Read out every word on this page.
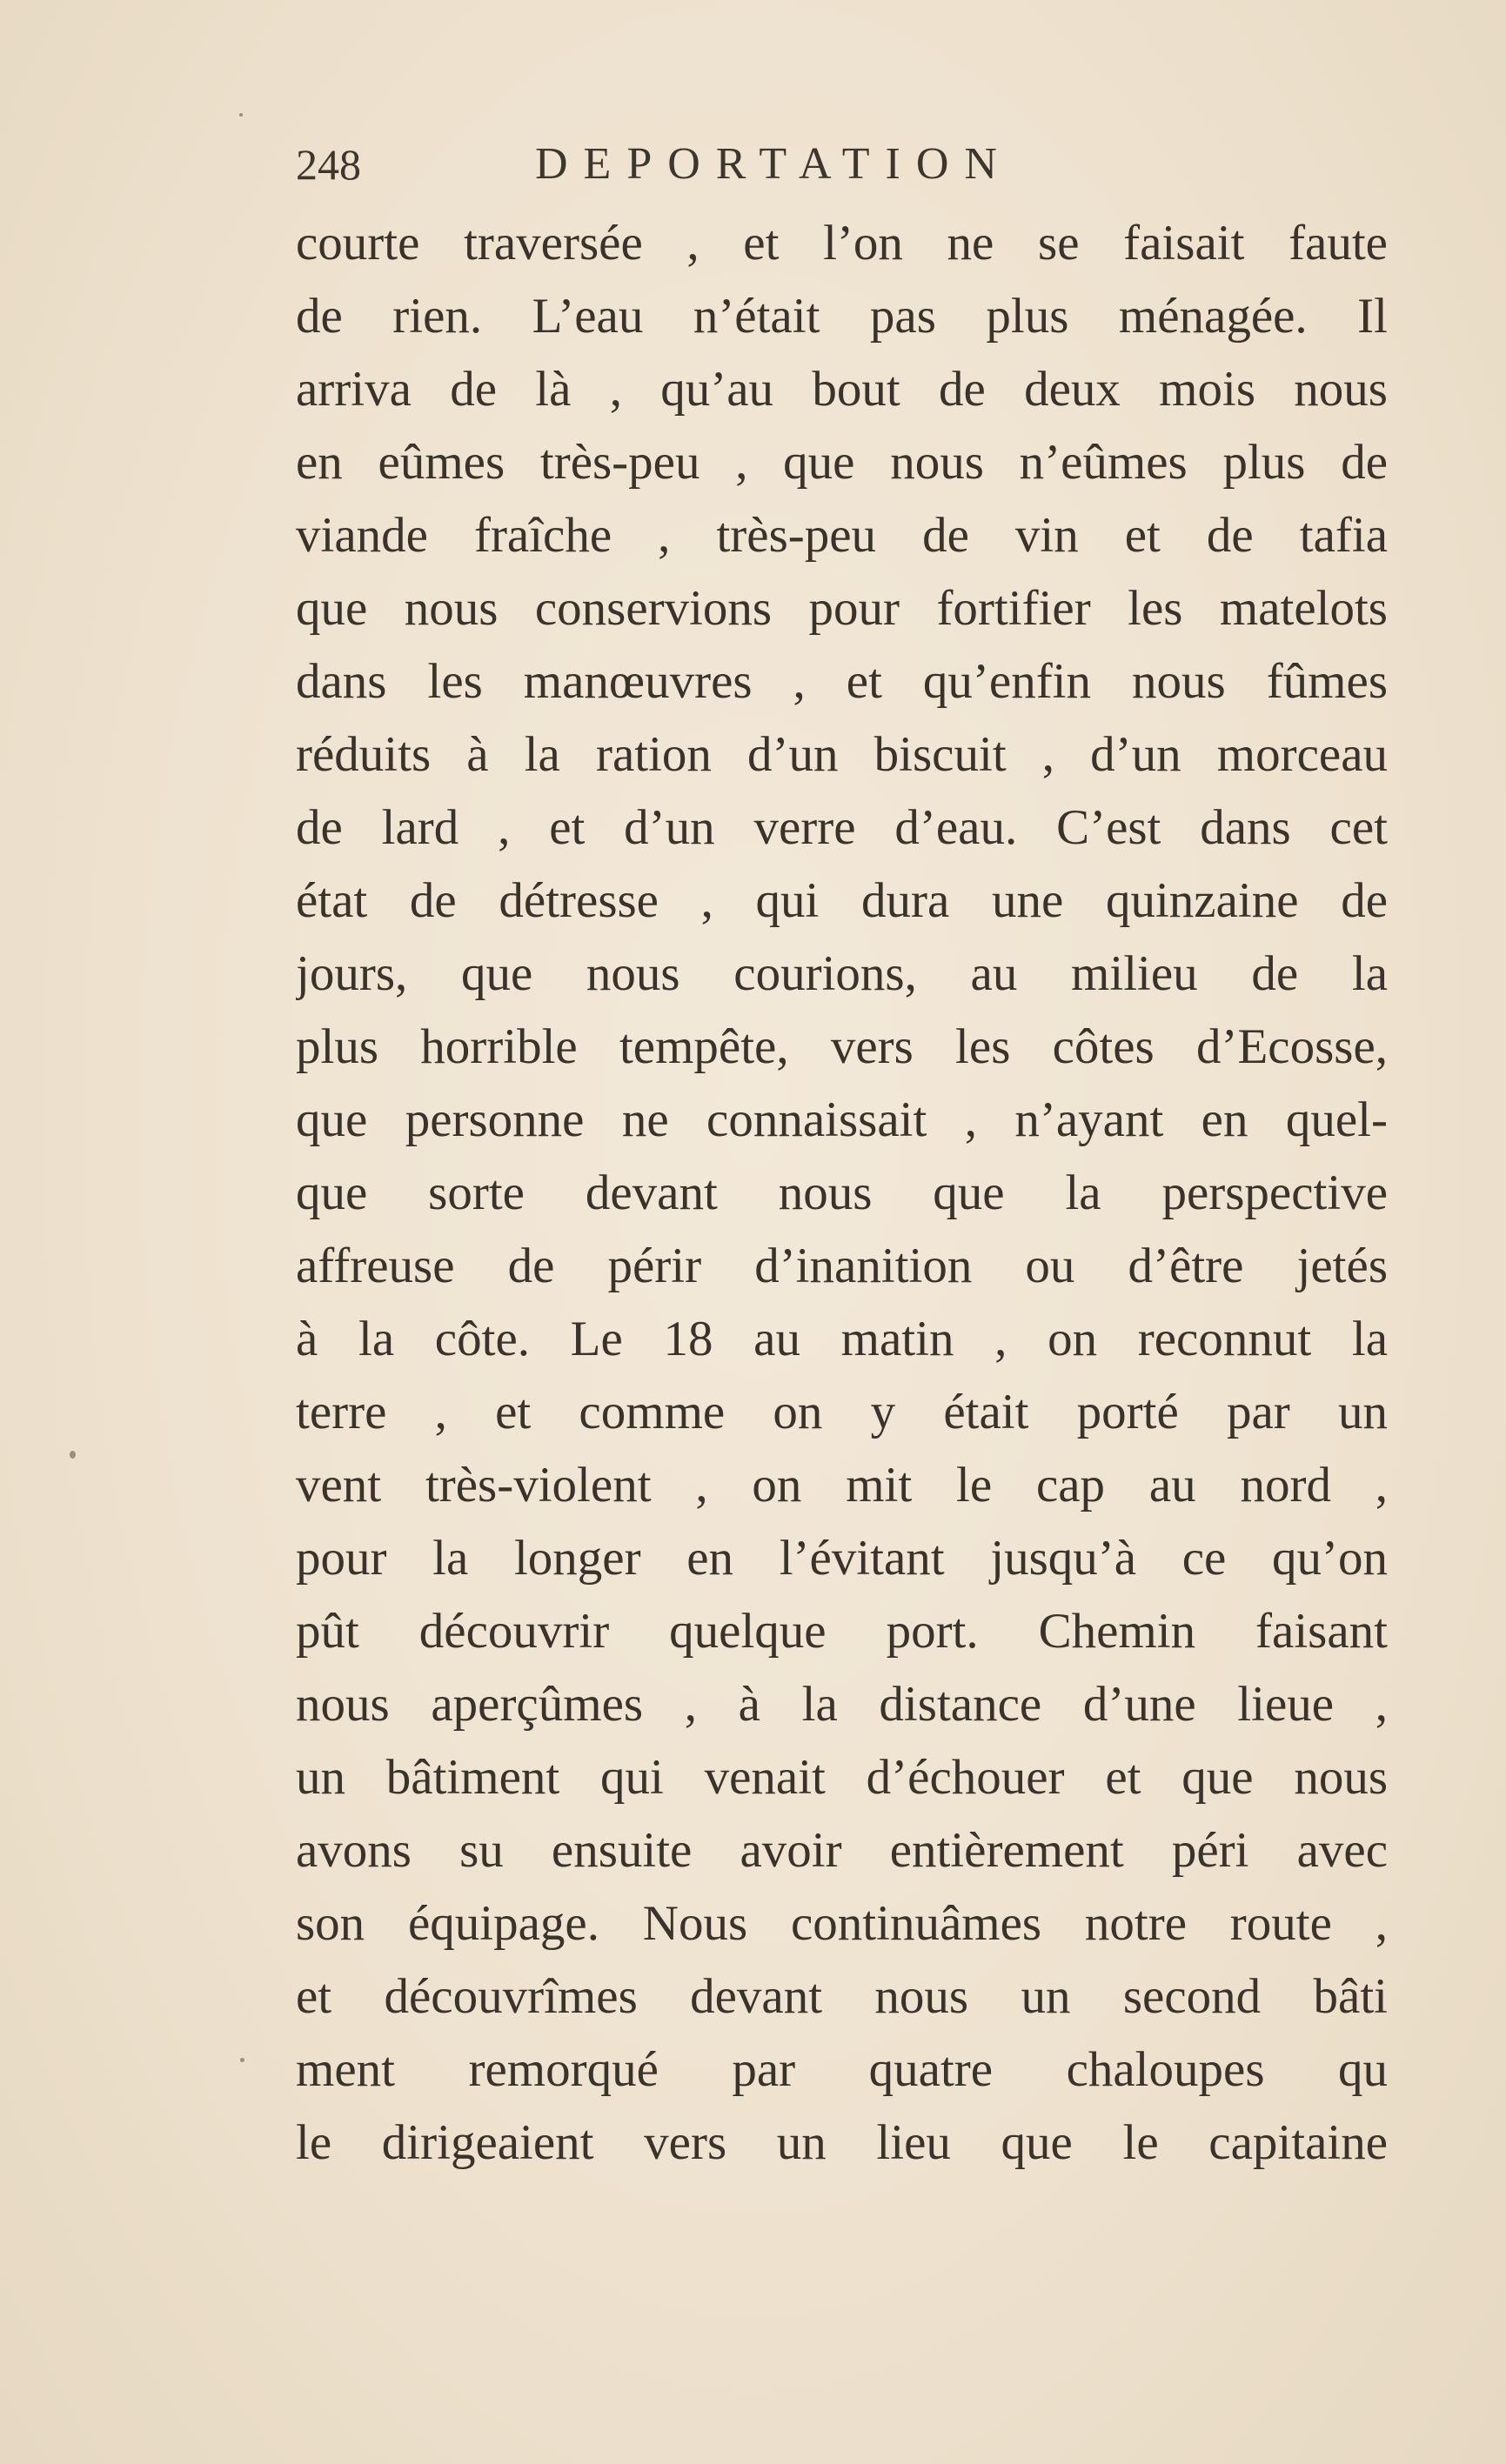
248	DEPORTATION
courte traversée , et l’on ne se faisait faute
de rien. L’eau n’était pas plus ménagée. Il
arriva de là , qu’au bout de deux mois nous
en eûmes très-peu , que nous n’eûmes plus de
viande fraîche , très-peu de vin et de tafia
que nous conservions pour fortifier les matelots
dans les manœuvres , et qu’enfin nous fûmes
réduits à la ration d’un biscuit , d’un morceau
de lard , et d’un verre d’eau. C’est dans cet
état de détresse , qui dura une quinzaine de
jours, que nous courions, au milieu de la
plus horrible tempête, vers les côtes d’Ecosse,
que personne ne connaissait , n’ayant en quel-
que sorte devant nous que la perspective
affreuse de périr d’inanition ou d’être jetés
à la côte. Le 18 au matin , on reconnut la
terre , et comme on y était porté par un
vent très-violent , on mit le cap au nord ,
pour la longer en l’évitant jusqu’à ce qu’on
pût découvrir quelque port. Chemin faisant
nous aperçûmes , à la distance d’une lieue ,
un bâtiment qui venait d’échouer et que nous
avons su ensuite avoir entièrement péri avec
son équipage. Nous continuâmes notre route ,
et découvrîmes devant nous un second bâti
ment remorqué par quatre chaloupes qu
le dirigeaient vers un lieu que le capitaine
